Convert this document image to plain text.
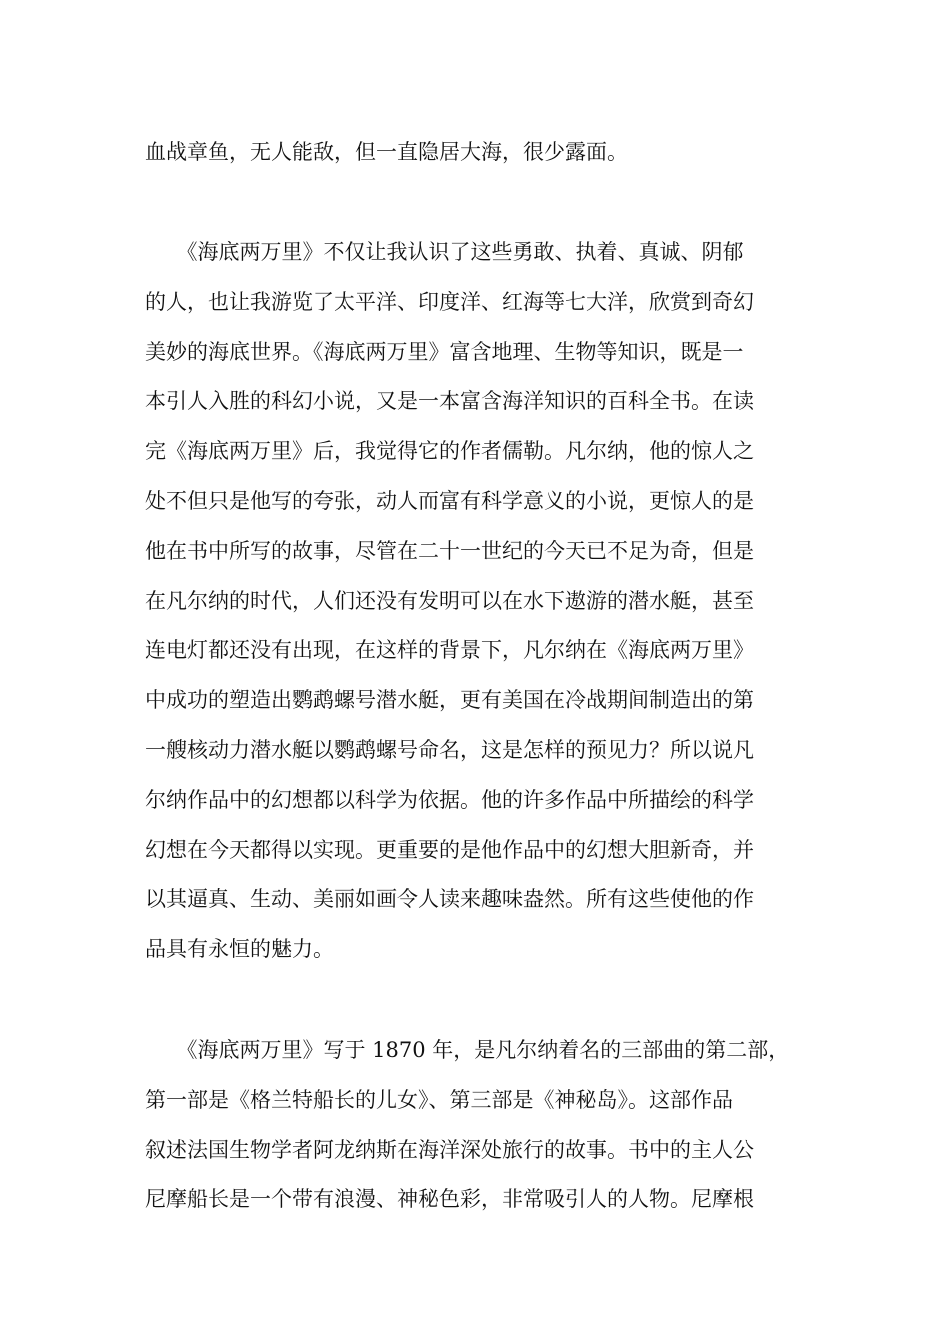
血战章鱼，无人能敌，但一直隐居大海，很少露面。
　　《海底两万里》不仅让我认识了这些勇敢、执着、真诚、阴郁
的人，也让我游览了太平洋、印度洋、红海等七大洋，欣赏到奇幻
美妙的海底世界。《海底两万里》富含地理、生物等知识，既是一
本引人入胜的科幻小说，又是一本富含海洋知识的百科全书。在读
完《海底两万里》后，我觉得它的作者儒勒。凡尔纳，他的惊人之
处不但只是他写的夸张，动人而富有科学意义的小说，更惊人的是
他在书中所写的故事，尽管在二十一世纪的今天已不足为奇，但是
在凡尔纳的时代，人们还没有发明可以在水下遨游的潜水艇，甚至
连电灯都还没有出现，在这样的背景下，凡尔纳在《海底两万里》
中成功的塑造出鹦鹉螺号潜水艇，更有美国在冷战期间制造出的第
一艘核动力潜水艇以鹦鹉螺号命名，这是怎样的预见力？所以说凡
尔纳作品中的幻想都以科学为依据。他的许多作品中所描绘的科学
幻想在今天都得以实现。更重要的是他作品中的幻想大胆新奇，并
以其逼真、生动、美丽如画令人读来趣味盎然。所有这些使他的作
品具有永恒的魅力。
　　《海底两万里》写于 1870 年，是凡尔纳着名的三部曲的第二部，
第一部是《格兰特船长的儿女》、第三部是《神秘岛》。这部作品
叙述法国生物学者阿龙纳斯在海洋深处旅行的故事。书中的主人公
尼摩船长是一个带有浪漫、神秘色彩，非常吸引人的人物。尼摩根
